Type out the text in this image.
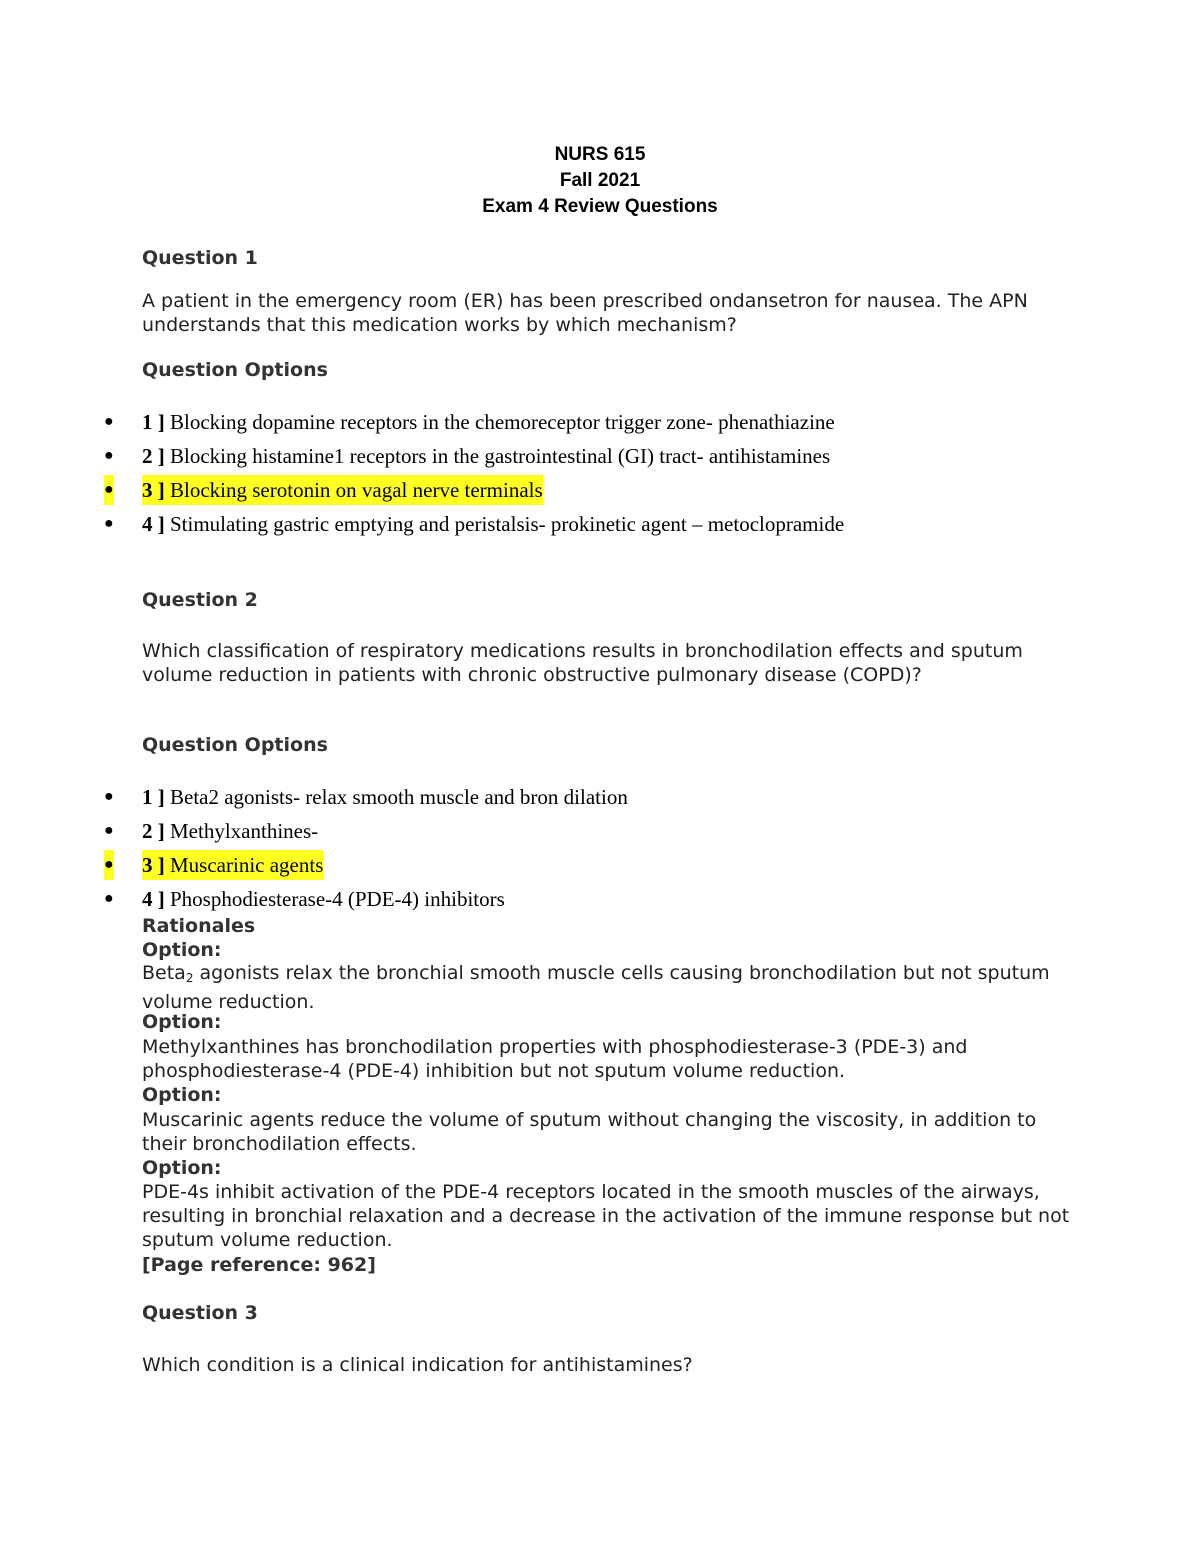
NURS 615
Fall 2021
Exam 4 Review Questions
Question 1
A patient in the emergency room (ER) has been prescribed ondansetron for nausea. The APN understands that this medication works by which mechanism?
Question Options
● 1 ] Blocking dopamine receptors in the chemoreceptor trigger zone- phenathiazine
● 2 ] Blocking histamine1 receptors in the gastrointestinal (GI) tract- antihistamines
● 3 ] Blocking serotonin on vagal nerve terminals
● 4 ] Stimulating gastric emptying and peristalsis- prokinetic agent – metoclopramide
Question 2
Which classification of respiratory medications results in bronchodilation effects and sputum volume reduction in patients with chronic obstructive pulmonary disease (COPD)?
Question Options
● 1 ] Beta2 agonists- relax smooth muscle and bron dilation
● 2 ] Methylxanthines-
● 3 ] Muscarinic agents
● 4 ] Phosphodiesterase-4 (PDE-4) inhibitors
Rationales
Option:
Beta$_2$ agonists relax the bronchial smooth muscle cells causing bronchodilation but not sputum volume reduction.
Option:
Methylxanthines has bronchodilation properties with phosphodiesterase-3 (PDE-3) and phosphodiesterase-4 (PDE-4) inhibition but not sputum volume reduction.
Option:
Muscarinic agents reduce the volume of sputum without changing the viscosity, in addition to their bronchodilation effects.
Option:
PDE-4s inhibit activation of the PDE-4 receptors located in the smooth muscles of the airways, resulting in bronchial relaxation and a decrease in the activation of the immune response but not sputum volume reduction.
[Page reference: 962]
Question 3
Which condition is a clinical indication for antihistamines?
